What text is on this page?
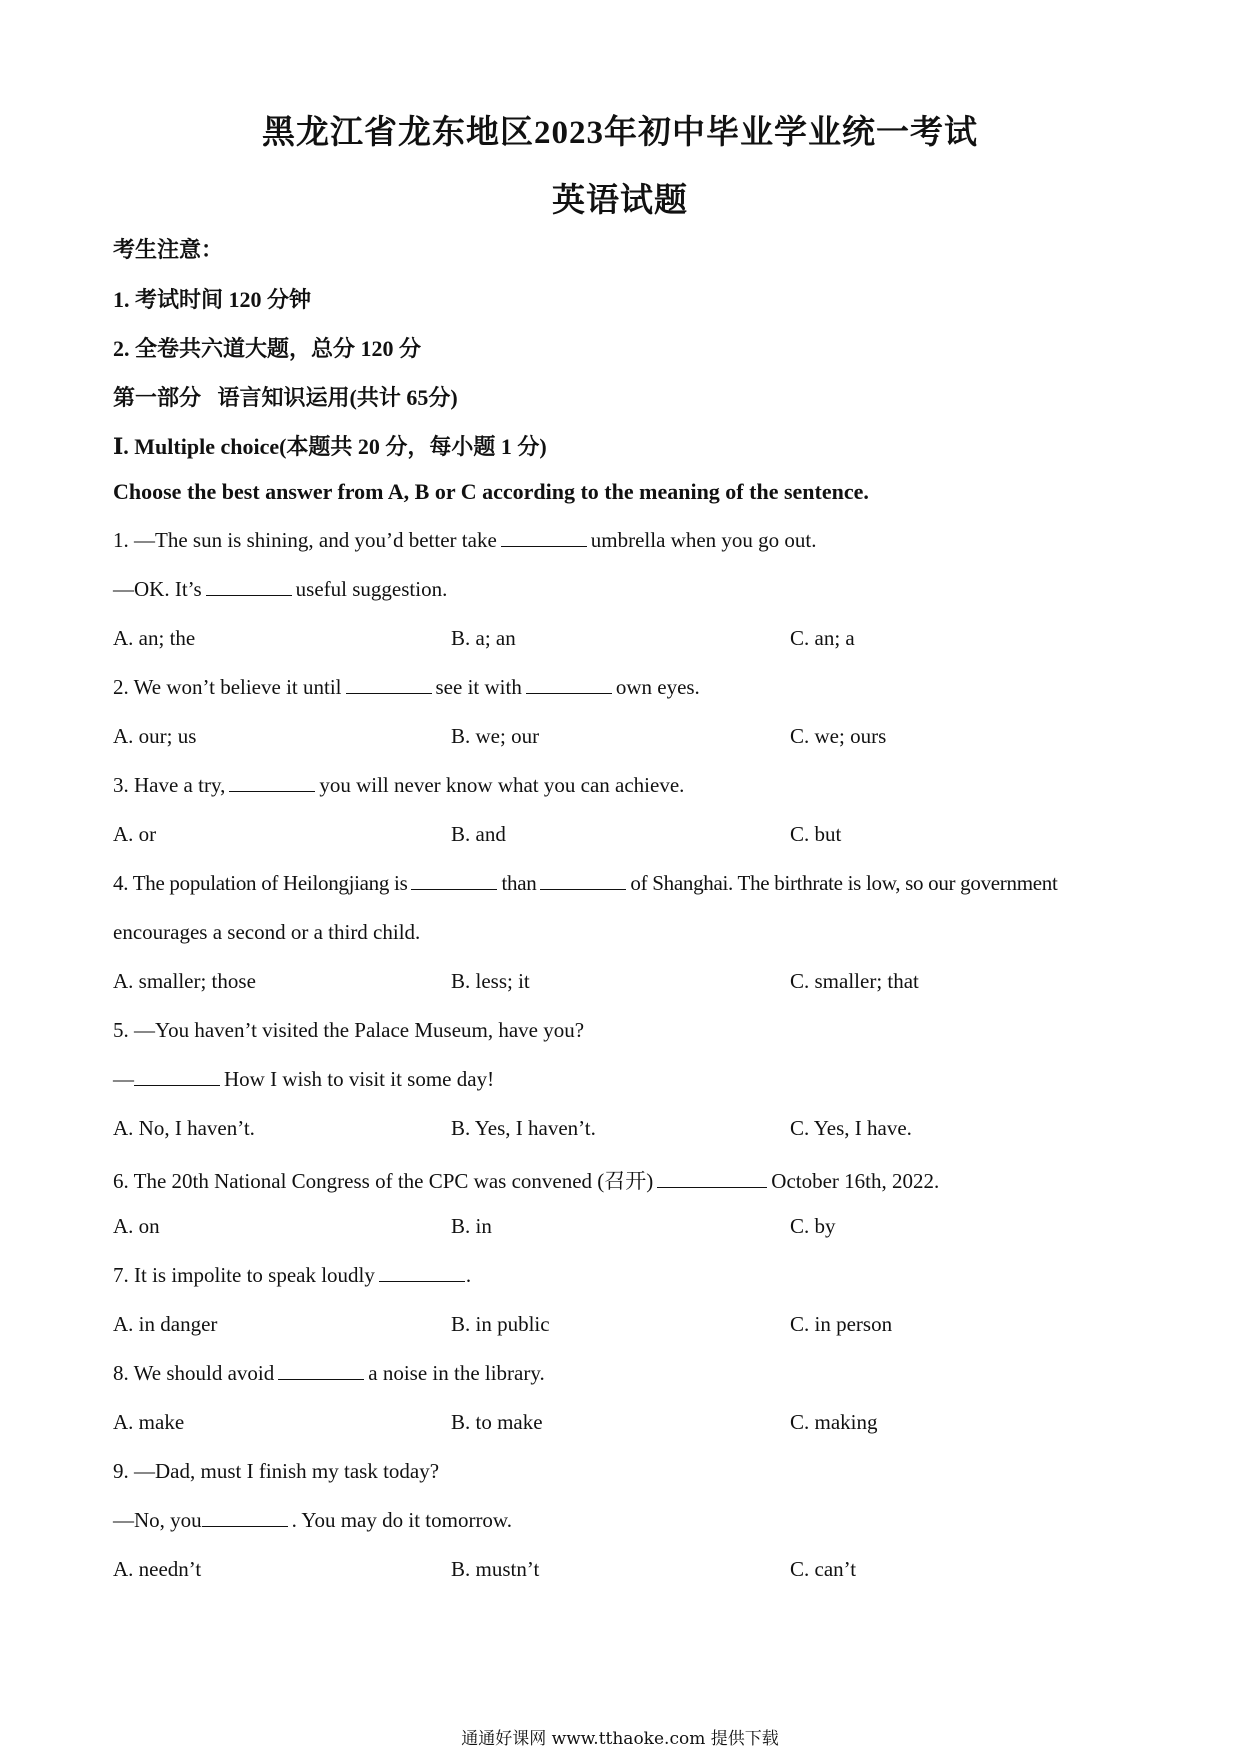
黑龙江省龙东地区2023年初中毕业学业统一考试
英语试题
考生注意：
1. 考试时间 120 分钟
2. 全卷共六道大题，总分 120 分
第一部分   语言知识运用(共计 65分)
Ⅰ. Multiple choice(本题共 20 分，每小题 1 分)
Choose the best answer from A, B or C according to the meaning of the sentence.
1. —The sun is shining, and you’d better take	umbrella when you go out.
—OK. It’s	useful suggestion.
A. an; the	B. a; an	C. an; a
2. We won’t believe it until	see it with	own eyes.
A. our; us	B. we; our	C. we; ours
3. Have a try,	you will never know what you can achieve.
A. or	B. and	C. but
4. The population of Heilongjiang is	than	of Shanghai. The birthrate is low, so our government
encourages a second or a third child.
A. smaller; those	B. less; it	C. smaller; that
5. —You haven’t visited the Palace Museum, have you?
—	How I wish to visit it some day!
A. No, I haven’t.	B. Yes, I haven’t.	C. Yes, I have.
6. The 20th National Congress of the CPC was convened (召开)	October 16th, 2022.
A. on	B. in	C. by
7. It is impolite to speak loudly	.
A. in danger	B. in public	C. in person
8. We should avoid	a noise in the library.
A. make	B. to make	C. making
9. —Dad, must I finish my task today?
—No, you	. You may do it tomorrow.
A. needn’t	B. mustn’t	C. can’t
通通好课网 www.tthaoke.com 提供下载
